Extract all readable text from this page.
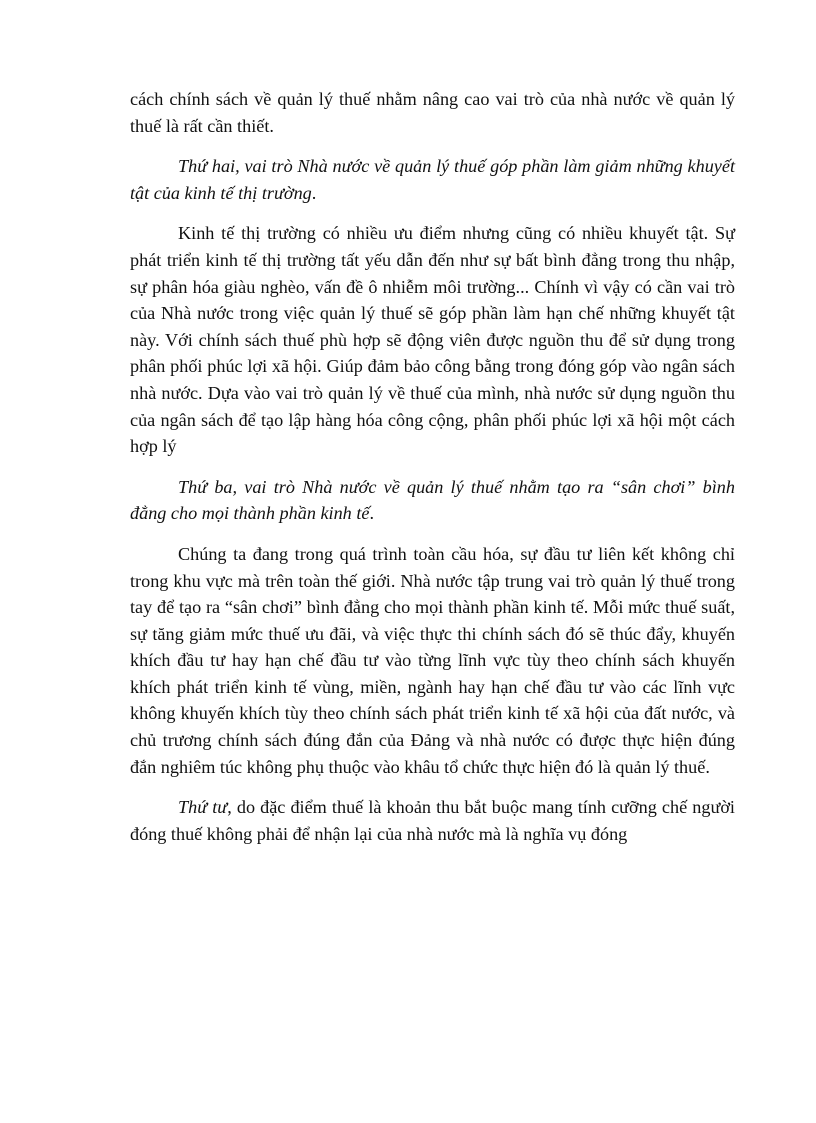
cách chính sách về quản lý thuế nhằm nâng cao vai trò của nhà nước về quản lý thuế là rất cần thiết.

Thứ hai, vai trò Nhà nước về quản lý thuế góp phần làm giảm những khuyết tật của kinh tế thị trường.

Kinh tế thị trường có nhiều ưu điểm nhưng cũng có nhiều khuyết tật. Sự phát triển kinh tế thị trường tất yếu dẫn đến như sự bất bình đẳng trong thu nhập, sự phân hóa giàu nghèo, vấn đề ô nhiễm môi trường... Chính vì vậy có cần vai trò của Nhà nước trong việc quản lý thuế sẽ góp phần làm hạn chế những khuyết tật này. Với chính sách thuế phù hợp sẽ động viên được nguồn thu để sử dụng trong phân phối phúc lợi xã hội. Giúp đảm bảo công bằng trong đóng góp vào ngân sách nhà nước. Dựa vào vai trò quản lý về thuế của mình, nhà nước sử dụng nguồn thu của ngân sách để tạo lập hàng hóa công cộng, phân phối phúc lợi xã hội một cách hợp lý

Thứ ba, vai trò Nhà nước về quản lý thuế nhằm tạo ra “sân chơi” bình đẳng cho mọi thành phần kinh tế.

Chúng ta đang trong quá trình toàn cầu hóa, sự đầu tư liên kết không chỉ trong khu vực mà trên toàn thế giới. Nhà nước tập trung vai trò quản lý thuế trong tay để tạo ra “sân chơi” bình đẳng cho mọi thành phần kinh tế. Mỗi mức thuế suất, sự tăng giảm mức thuế ưu đãi, và việc thực thi chính sách đó sẽ thúc đẩy, khuyến khích đầu tư hay hạn chế đầu tư vào từng lĩnh vực tùy theo chính sách khuyến khích phát triển kinh tế vùng, miền, ngành hay hạn chế đầu tư vào các lĩnh vực không khuyến khích tùy theo chính sách phát triển kinh tế xã hội của đất nước, và chủ trương chính sách đúng đắn của Đảng và nhà nước có được thực hiện đúng đắn nghiêm túc không phụ thuộc vào khâu tổ chức thực hiện đó là quản lý thuế.

Thứ tư, do đặc điểm thuế là khoản thu bắt buộc mang tính cưỡng chế người đóng thuế không phải để nhận lại của nhà nước mà là nghĩa vụ đóng
